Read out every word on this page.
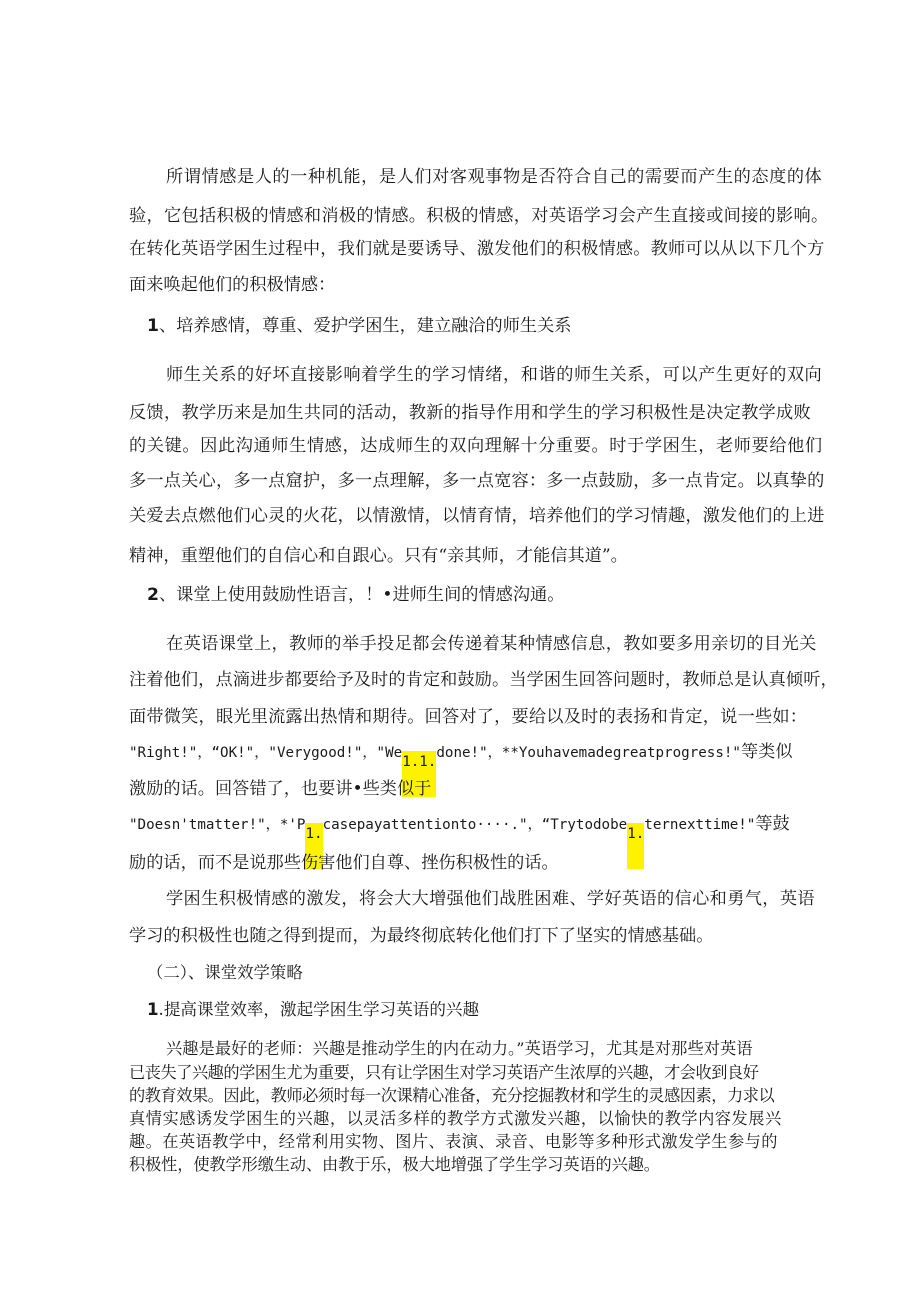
所谓情感是人的一种机能，是人们对客观事物是否符合自己的需要而产生的态度的体
验，它包括积极的情感和消极的情感。积极的情感，对英语学习会产生直接或间接的影响。
在转化英语学困生过程中，我们就是要诱导、激发他们的积极情感。教师可以从以下几个方
面来唤起他们的积极情感：
1、培养感情，尊重、爱护学困生，建立融洽的师生关系
师生关系的好坏直接影响着学生的学习情绪，和谐的师生关系，可以产生更好的双向
反馈，教学历来是加生共同的活动，教新的指导作用和学生的学习积极性是决定教学成败
的关键。因此沟通师生情感，达成师生的双向理解十分重要。时于学困生，老师要给他们
多一点关心，多一点窟护，多一点理解，多一点宽容：多一点鼓励，多一点肯定。以真挚的
关爱去点燃他们心灵的火花，以情激情，以情育情，培养他们的学习情趣，激发他们的上进
精神，重塑他们的自信心和自跟心。只有“亲其师，才能信其道”。
2、课堂上使用鼓励性语言，！•进师生间的情感沟通。
在英语课堂上，教师的举手投足都会传递着某种情感信息，教如要多用亲切的目光关
注着他们，点滴进步都要给予及时的肯定和鼓励。当学困生回答问题时，教师总是认真倾听，
面带微笑，眼光里流露出热情和期待。回答对了，要给以及时的表扬和肯定，说一些如：
"Right!"，“OK!"，"Verygood!"，"We1.1.done!"，**Youhavemadegreatprogress!"等类似
激励的话。回答错了，也要讲•些类似于
"Doesn'tmatter!"，*'P1.casepayattentionto····."，“Trytodobe1.ternexttime!"等鼓
励的话，而不是说那些伤害他们自尊、挫伤积极性的话。
学困生积极情感的激发，将会大大增强他们战胜困难、学好英语的信心和勇气，英语
学习的积极性也随之得到提而，为最终彻底转化他们打下了坚实的情感基础。
（二）、课堂效学策略
1.提高课堂效率，激起学困生学习英语的兴趣
兴趣是最好的老师：兴趣是推动学生的内在动力。”英语学习，尤其是对那些对英语
已丧失了兴趣的学困生尤为重要，只有让学困生对学习英语产生浓厚的兴趣，才会收到良好
的教育效果。因此，教师必须时每一次课精心准备，充分挖掘教材和学生的灵感因素，力求以
真情实感诱发学困生的兴趣，以灵活多样的教学方式激发兴趣，以愉快的教学内容发展兴
趣。在英语教学中，经常利用实物、图片、表演、录音、电影等多种形式激发学生参与的
积极性，使教学形缴生动、由教于乐，极大地增强了学生学习英语的兴趣。
